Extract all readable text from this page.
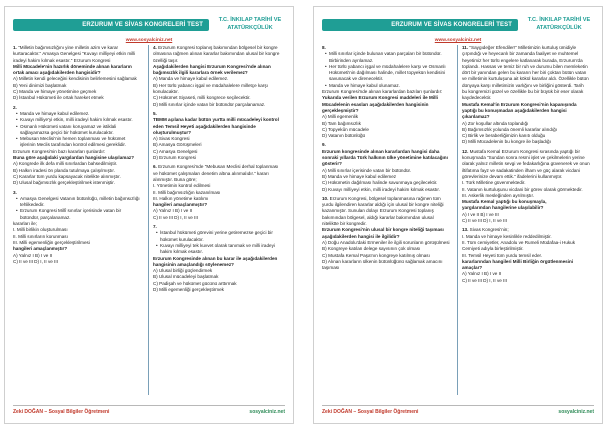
ERZURUM VE SİVAS KONGRELERİ TEST
T.C. İNKILAP TARİHİ VE ATATÜRKÇÜLÜK
www.sosyalciniz.net
1. "Milletin bağımsızlığını yine milletin azim ve karar kurtaracaktır." Amasya Genelgesi "Kuvayı milliyeyi etkin milli iradeyi hakim kılmak esastır." Erzurum Kongresi
Milli Mücadele'nin hazırlık döneminde alınan kararların ortak amacı aşağıdakilerden hangisidir?
A) Milletin kendi geleceğini kendisinin belirlemesini sağlamak
B) Yeni dinimizi başlatmak
C) Manda ve himaye yönetimine geçmek
D) İstanbul Hükümeti ile ortak hareket etmek
2.
• Manda ve himaye kabul edilemez.
• Kuvayı milliye'yi etkin, milli iradeyi hakim kılmak esastır.
• Osmanlı Hükümeti vatanı koruyamaz ve istiklali sağlayamazsa geçici bir hükümet kurulacaktır.
• Mebusan Meclisi'nin hemen toplanması ve hükümet işlerinin Meclis tarafından kontrol edilmesi gereklidir.
Erzurum Kongresi'nin bazı kararları şunlardır:
Buna göre aşağıdaki yargılardan hangisine ulaşılamaz?
A) Kongrede ilk defa milli sınırlardan bahsedilmiştir.
B) Halkın iradesi ön planda tutulmaya çalışılmıştır.
C) Kararlar tüm yurdu kapsayacak nitelikte alınmıştır.
D) Ulusal bağımsızlık gerçekleştirilmek istenmiştir.
3.
• Amasya Genelgesi Vatanın bütünlüğü, milletin bağımsızlığı tehlikededir.
• Erzurum Kongresi Millî sınırlar içerisinde vatan bir bütündür, parçalanamaz.
kararları ile;
I. Milli birlikin oluşturulması
II. Milli sınırların korunması
III. Milli egemenliğin gerçekleştirilmesi
hangileri amaçlanmıştır?
A) Yalnız I B) I ve II
C) II ve III D) I, II ve III
4. Erzurum Kongresi toplanış bakımından bölgesel bir kongre olmasına rağmen alınan kararlar bakımından ulusal bir kongre özelliği taşır.
Aşağıdakilerden hangisi Erzurum Kongresi'nde alınan bağımsızlık ilgili kararlara örnek verilemez?
A) Manda ve himaye kabul edilemez.
B) Her türlü yabancı işgal ve müdahalelere milletçe karşı konulacaktır.
C) Hükümet Siyaseti, milli kongrece seçilecektir.
D) Milli sınırlar içinde vatan bir bütündür parçalanamaz.
5.
TBMM açılana kadar bütün yurtta milli mücadeleyi kontrol eden Temsil Heyeti aşağıdakilerden hangisinde oluşturulmuştur?
A) Sivas Kongresi
B) Amasya Görüşmeleri
C) Amasya Genelgesi
D) Erzurum Kongresi
6. Erzurum Kongresi'nde "Mebusan Meclisi derhal toplanması ve hükümet çalışmaları denetim altına alınmalıdır." kararı alınmıştır. Buna göre;
I. Yönetimin kontrol edilmesi
II. Milli bağımsızlığın kazanılması
III. Halkın yönetime katılımı
hangileri amaçlanmıştır?
A) Yalnız I B) I ve II
C) II ve III D) I, II ve III
7.
• İstanbul hükümeti görevini yerine getiremezse geçici bir hükümet kurulacaktır.
• Kuvayı milliyeyi tek kuvvet olarak tanımak ve milli iradeyi hakim kılmak esastır.
Erzurum Kongresinde alınan bu karar ile aşağıdakilerden hangisinin amaçlandığı söylenemez?
A) Ulusal birliği güçlendirmek
B) Ulusal mücadeleyi başlatmak
C) Padişah ve hükümet gücünü arttırmak
D) Milli egemenliği gerçekleştirmek
Zeki DOĞAN – Sosyal Bilgiler Öğretmeni	sosyalciniz.net
ERZURUM VE SİVAS KONGRELERİ TEST
T.C. İNKILAP TARİHİ VE ATATÜRKÇÜLÜK
www.sosyalciniz.net
8.
• Milli sınırlar içinde bulunan vatan parçaları bir bütündür. Birbirinden ayrılamaz.
• Her türlü yabancı işgal ve müdahalelere karşı ve Osmanlı Hükümeti'nin dağılması halinde, millet topyekün kendisini savunacak ve direnecektir.
• Manda ve himaye kabul olunamaz.
Erzurum Kongresi'nde alınan kararlardan bazıları şunlardır:
Yukarıda verilen Erzurum Kongresi maddeleri ile Milli Mücadelenin esasları aşağıdakilerden hangisinin gerçekleşmiştir?
A) Milli egemenlik
B) Tam bağımsızlık
C) Topyekûn mücadele
D) Vatanın bütünlüğü
9.
Erzurum kongresinde alınan kararlardan hangisi daha sonraki yıllarda Türk halkının ülke yönetimine katılacağını gösterir?
A) Milli sınırlar içerisinde vatan bir bütündür.
B) Manda ve himaye kabul edilemez
C) Hükümetin dağılması halinde savunmaya geçilecektir.
D) Kuvayı milliyeyi etkin, milli iradeyi hakim kılmak esastır.
10. Erzurum Kongresi, bölgesel toplanmasına rağmen tüm yurdu ilgilendiren kararlar aldığı için ulusal bir kongre niteliği kazanmıştır. Sunulan dolayı Erzurum Kongresi toplanış bakımından bölgesel, aldığı kararlar bakımından ulusal niteliktte bir kongredir.
Erzurum Kongresi'nin ulusal bir kongre niteliği taşıması aşağıdakilerden hangisi ile ilgilidir?
A) Doğu Anadolu'daki Ermeniler ile ilgili sorunların görüşülmesi
B) Kongreye katılan delege sayısının çok olması
C) Mustafa Kemal Paşa'nın kongreye katılmış olması
D) Alınan kararların ülkenin bütünlüğünü sağlamak amacını taşıması
11. "Saygıdeğer Efendiler!" Milletimizin kurtuluş ümidiyle çırpındığı ve heyecanlı bir zamanda faaliyet ve muhtemel heyetimiz her türlü engelere katlanarak burada, Erzurum'da toplandı. Hassas ve temiz bir ruh ve durumu bilen memleketin dört bir yanından gelen bu kararın her biri çoktan bütün vatan ve milletimin kurtuluşuna ait kökül kararlar aldı. Özellikle bütün dünyaya karşı milletimizin varlığını ve birliğini gösterdi. Tarih bu kongremizi güzel ve özellikle bu bir büyük bir eser olarak kaydedecektir.
Mustafa Kemal'in Erzurum Kongresi'nin kapanışında yaptığı bu konuşmadan aşağıdakilerden hangisi çıkarılamaz?
A) Zor koşullar altında toplandığı
B) Bağımsızlık yolunda önemli kararlar alındığı
C) Birlik ve beraberliğimizin kanıtı olduğu
D) Milli Mücadelenin bu kongre ile başladığı
12. Mustafa Kemal Erzurum Kongresi sırasında yaptığı bir konuşmada "Sundan sonra resmi işlet ve çekilmelerin yerine olarak yalnız milletin sevgi ve fedakarlığına güvenerek ve onun iltifatıma fayz ve sadakatinden ilham ve güç alarak vicdani görevlerinize devam ettik." ifadelerini kullanmıştır.
I. Türk Milletine güvenmektedir.
II. Vatanın kurtuluşunu vicdani bir görev olarak görmektedir.
III. Askerlik mesleğinden ayrılmıştır.
Mustafa Kemal yaptığı bu konuşmayla,
yargılarından hangilerine ulaşılabilir?
A) I ve II B) I ve III
C) II ve III D) I, II ve III
13. Sivas Kongresi'nin;
I. Manda ve himaye kesinlikle reddedilmiştir.
II. Tüm cemiyetler, Anadolu ve Rumeli Müdafaa-i Hukuk Cemiyeti adıyla birleştirilmiştir.
III. Temsil Heyeti tüm yurdu temsil eder.
kararlarından hangileri Milli Birliğin örgütlenmesini amaçlar?
A) Yalnız I B) I ve II
C) II ve III D) I, II ve III
Zeki DOĞAN – Sosyal Bilgiler Öğretmeni	sosyalciniz.net
